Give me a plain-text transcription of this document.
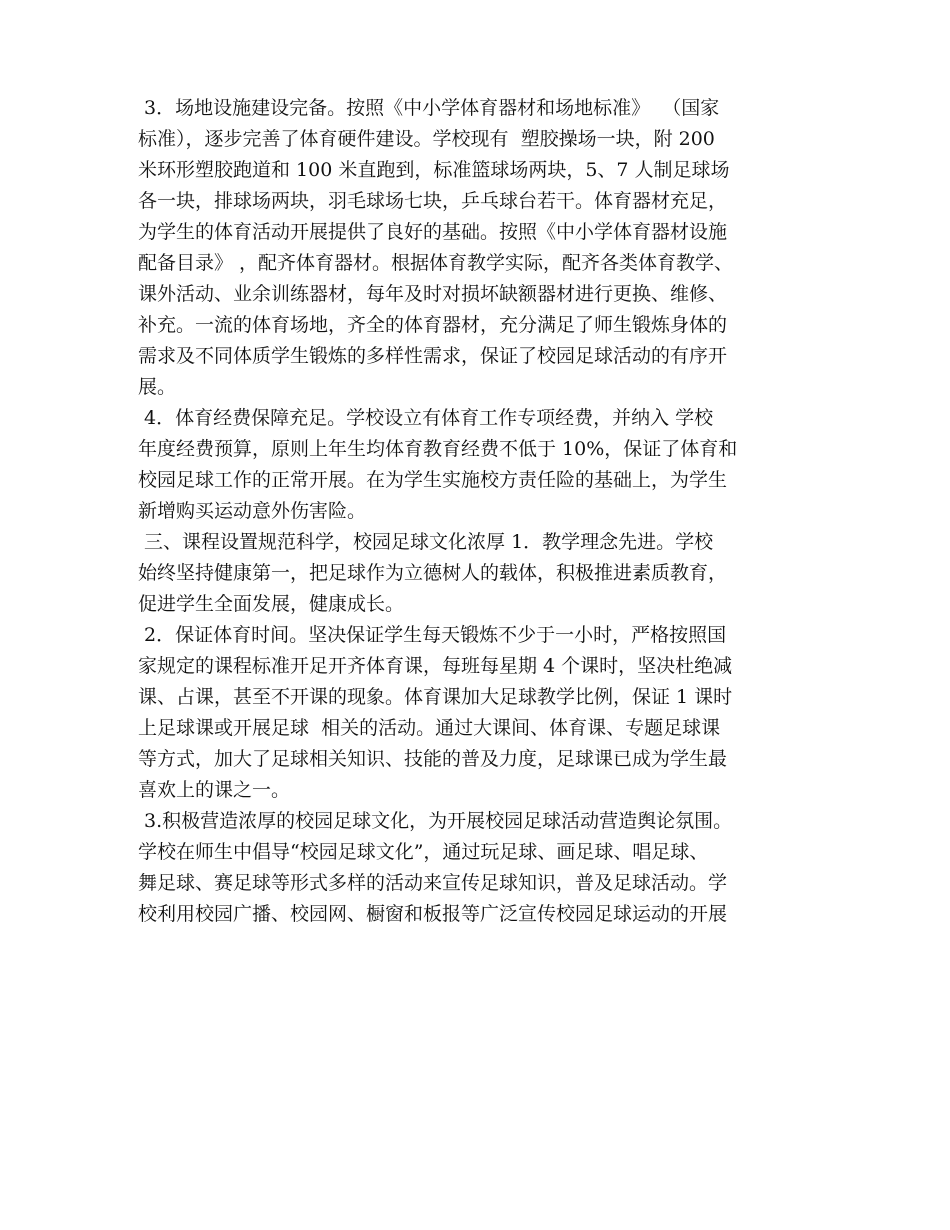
3．场地设施建设完备。按照《中小学体育器材和场地标准》  （国家
标准），逐步完善了体育硬件建设。学校现有  塑胶操场一块，附 200
米环形塑胶跑道和 100 米直跑到，标准篮球场两块，5、7 人制足球场
各一块，排球场两块，羽毛球场七块，乒乓球台若干。体育器材充足，
为学生的体育活动开展提供了良好的基础。按照《中小学体育器材设施
配备目录》 ，配齐体育器材。根据体育教学实际，配齐各类体育教学、
课外活动、业余训练器材，每年及时对损坏缺额器材进行更换、维修、
补充。一流的体育场地，齐全的体育器材，充分满足了师生锻炼身体的
需求及不同体质学生锻炼的多样性需求，保证了校园足球活动的有序开
展。
4．体育经费保障充足。学校设立有体育工作专项经费，并纳入 学校
年度经费预算，原则上年生均体育教育经费不低于 10%，保证了体育和
校园足球工作的正常开展。在为学生实施校方责任险的基础上，为学生
新增购买运动意外伤害险。
三、课程设置规范科学，校园足球文化浓厚 1．教学理念先进。学校
始终坚持健康第一，把足球作为立德树人的载体，积极推进素质教育，
促进学生全面发展，健康成长。
2．保证体育时间。坚决保证学生每天锻炼不少于一小时，严格按照国
家规定的课程标准开足开齐体育课，每班每星期 4 个课时，坚决杜绝减
课、占课，甚至不开课的现象。体育课加大足球教学比例，保证 1 课时
上足球课或开展足球  相关的活动。通过大课间、体育课、专题足球课
等方式，加大了足球相关知识、技能的普及力度，足球课已成为学生最
喜欢上的课之一。
3.积极营造浓厚的校园足球文化，为开展校园足球活动营造舆论氛围。
学校在师生中倡导“校园足球文化”，通过玩足球、画足球、唱足球、
舞足球、赛足球等形式多样的活动来宣传足球知识，普及足球活动。学
校利用校园广播、校园网、橱窗和板报等广泛宣传校园足球运动的开展
